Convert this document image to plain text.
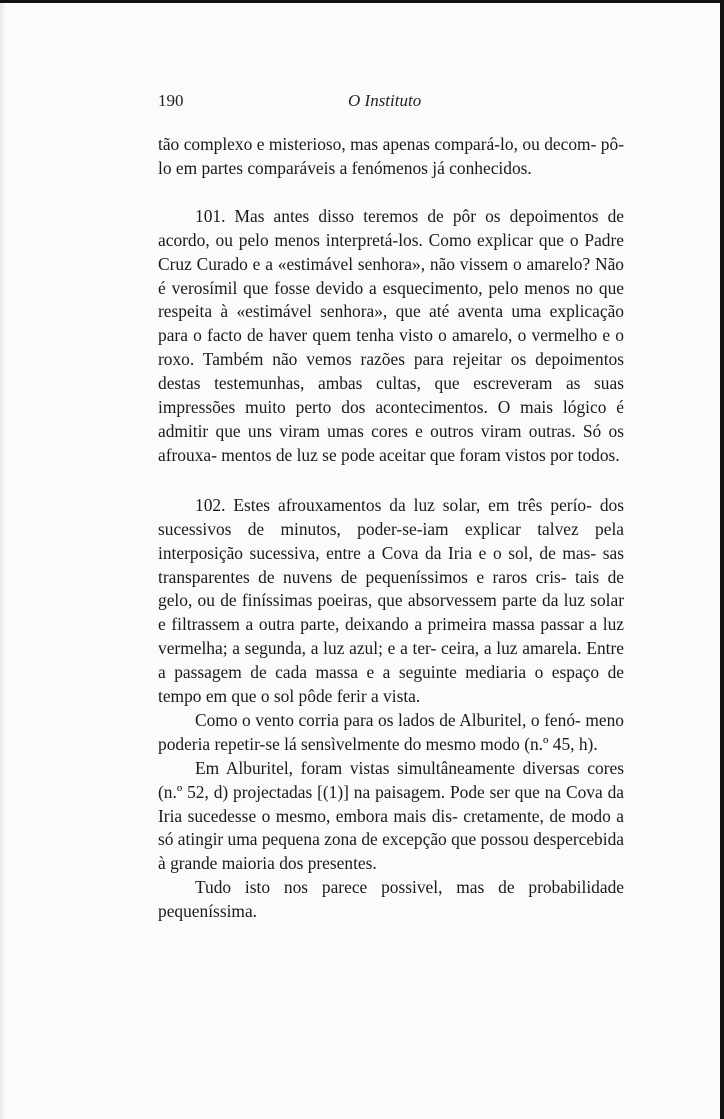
190	O Instituto

tão complexo e misterioso, mas apenas compará-lo, ou decom- pô-lo em partes comparáveis a fenómenos já conhecidos.

101. Mas antes disso teremos de pôr os depoimentos de acordo, ou pelo menos interpretá-los. Como explicar que o Padre Cruz Curado e a «estimável senhora», não vissem o amarelo? Não é verosímil que fosse devido a esquecimento, pelo menos no que respeita à «estimável senhora», que até aventa uma explicação para o facto de haver quem tenha visto o amarelo, o vermelho e o roxo. Também não vemos razões para rejeitar os depoimentos destas testemunhas, ambas cultas, que escreveram as suas impressões muito perto dos acontecimentos. O mais lógico é admitir que uns viram umas cores e outros viram outras. Só os afrouxa- mentos de luz se pode aceitar que foram vistos por todos.

102. Estes afrouxamentos da luz solar, em três perío- dos sucessivos de minutos, poder-se-iam explicar talvez pela interposição sucessiva, entre a Cova da Iria e o sol, de mas- sas transparentes de nuvens de pequeníssimos e raros cris- tais de gelo, ou de finíssimas poeiras, que absorvessem parte da luz solar e filtrassem a outra parte, deixando a primeira massa passar a luz vermelha; a segunda, a luz azul; e a ter- ceira, a luz amarela. Entre a passagem de cada massa e a seguinte mediaria o espaço de tempo em que o sol pôde ferir a vista.

Como o vento corria para os lados de Alburitel, o fenó- meno poderia repetir-se lá sensìvelmente do mesmo modo (n.º 45, h).

Em Alburitel, foram vistas simultâneamente diversas cores (n.º 52, d) projectadas [(1)] na paisagem. Pode ser que na Cova da Iria sucedesse o mesmo, embora mais dis- cretamente, de modo a só atingir uma pequena zona de excepção que possou despercebida à grande maioria dos presentes.

Tudo isto nos parece possivel, mas de probabilidade pequeníssima.
